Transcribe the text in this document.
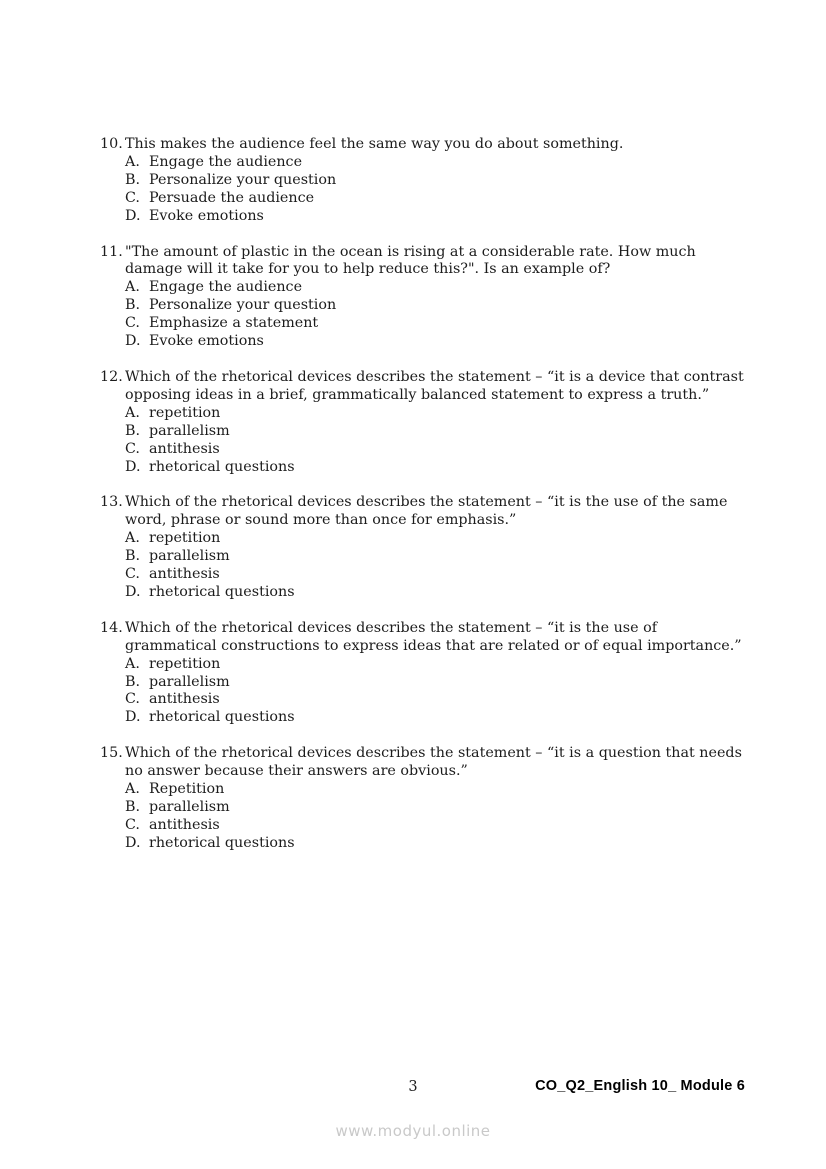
10. This makes the audience feel the same way you do about something.
A. Engage the audience
B. Personalize your question
C. Persuade the audience
D. Evoke emotions
11. "The amount of plastic in the ocean is rising at a considerable rate. How much damage will it take for you to help reduce this?". Is an example of?
A. Engage the audience
B. Personalize your question
C. Emphasize a statement
D. Evoke emotions
12. Which of the rhetorical devices describes the statement – “it is a device that contrast opposing ideas in a brief, grammatically balanced statement to express a truth.”
A. repetition
B. parallelism
C. antithesis
D. rhetorical questions
13. Which of the rhetorical devices describes the statement – “it is the use of the same word, phrase or sound more than once for emphasis.”
A. repetition
B. parallelism
C. antithesis
D. rhetorical questions
14. Which of the rhetorical devices describes the statement – “it is the use of grammatical constructions to express ideas that are related or of equal importance.”
A. repetition
B. parallelism
C. antithesis
D. rhetorical questions
15. Which of the rhetorical devices describes the statement – “it is a question that needs no answer because their answers are obvious.”
A. Repetition
B. parallelism
C. antithesis
D. rhetorical questions
3	CO_Q2_English 10_ Module 6
www.modyul.online
